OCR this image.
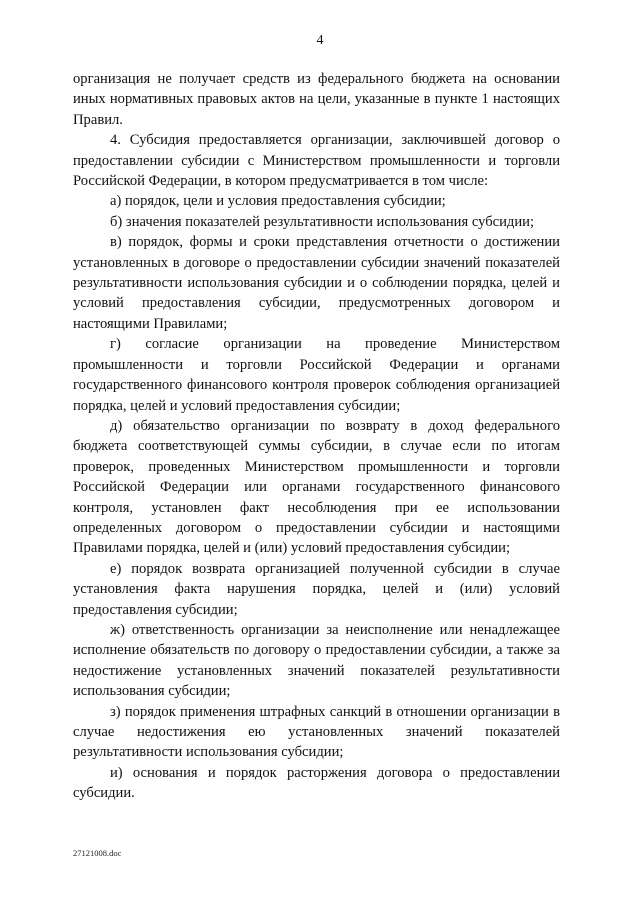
4

организация не получает средств из федерального бюджета на основании иных нормативных правовых актов на цели, указанные в пункте 1 настоящих Правил.

4. Субсидия предоставляется организации, заключившей договор о предоставлении субсидии с Министерством промышленности и торговли Российской Федерации, в котором предусматривается в том числе:

а) порядок, цели и условия предоставления субсидии;

б) значения показателей результативности использования субсидии;

в) порядок, формы и сроки представления отчетности о достижении установленных в договоре о предоставлении субсидии значений показателей результативности использования субсидии и о соблюдении порядка, целей и условий предоставления субсидии, предусмотренных договором и настоящими Правилами;

г) согласие организации на проведение Министерством промышленности и торговли Российской Федерации и органами государственного финансового контроля проверок соблюдения организацией порядка, целей и условий предоставления субсидии;

д) обязательство организации по возврату в доход федерального бюджета соответствующей суммы субсидии, в случае если по итогам проверок, проведенных Министерством промышленности и торговли Российской Федерации или органами государственного финансового контроля, установлен факт несоблюдения при ее использовании определенных договором о предоставлении субсидии и настоящими Правилами порядка, целей и (или) условий предоставления субсидии;

е) порядок возврата организацией полученной субсидии в случае установления факта нарушения порядка, целей и (или) условий предоставления субсидии;

ж) ответственность организации за неисполнение или ненадлежащее исполнение обязательств по договору о предоставлении субсидии, а также за недостижение установленных значений показателей результативности использования субсидии;

з) порядок применения штрафных санкций в отношении организации в случае недостижения ею установленных значений показателей результативности использования субсидии;

и) основания и порядок расторжения договора о предоставлении субсидии.

27121008.doc
